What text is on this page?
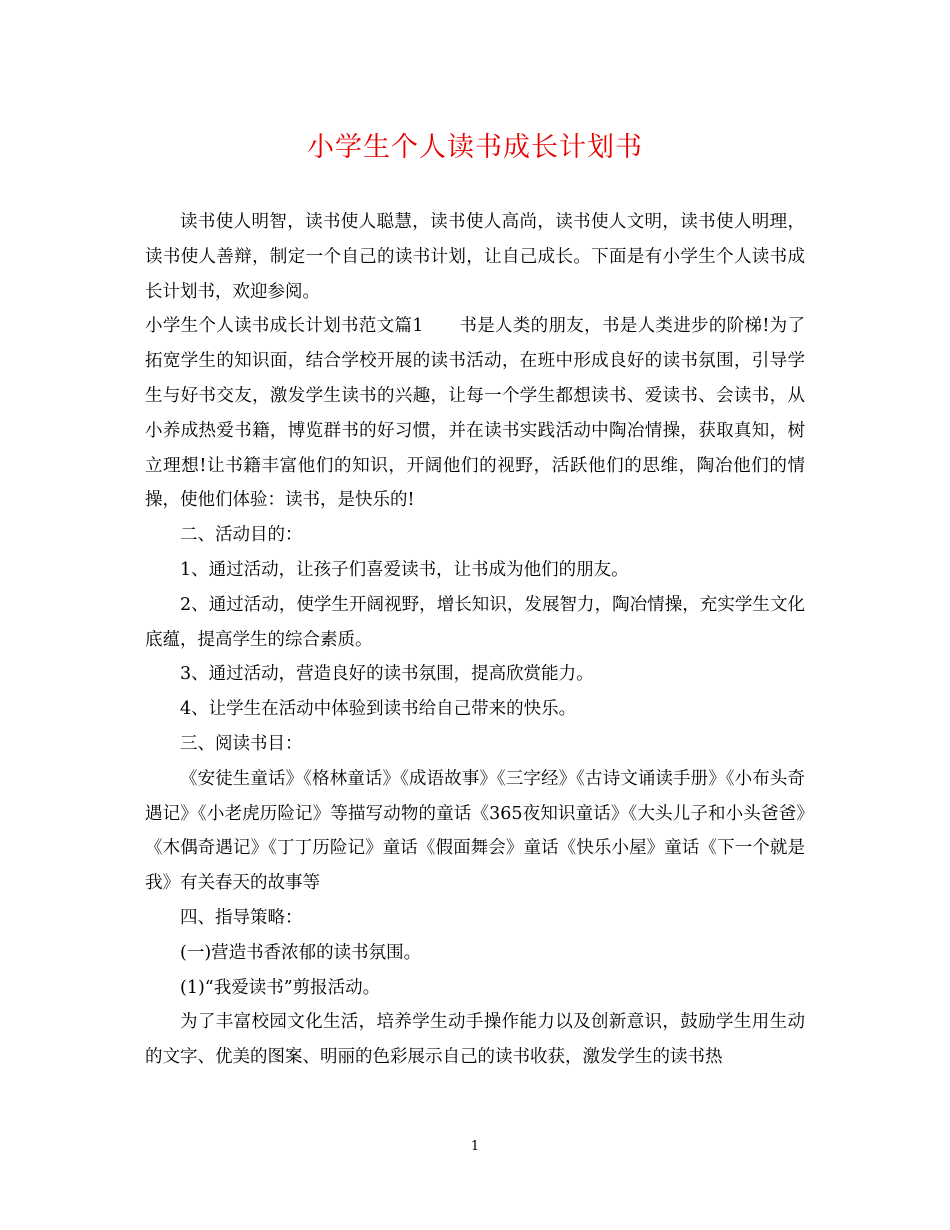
小学生个人读书成长计划书

读书使人明智，读书使人聪慧，读书使人高尚，读书使人文明，读书使人明理，读书使人善辩，制定一个自己的读书计划，让自己成长。下面是有小学生个人读书成长计划书，欢迎参阅。

小学生个人读书成长计划书范文篇1　　书是人类的朋友，书是人类进步的阶梯!为了拓宽学生的知识面，结合学校开展的读书活动，在班中形成良好的读书氛围，引导学生与好书交友，激发学生读书的兴趣，让每一个学生都想读书、爱读书、会读书，从小养成热爱书籍，博览群书的好习惯，并在读书实践活动中陶冶情操，获取真知，树立理想!让书籍丰富他们的知识，开阔他们的视野，活跃他们的思维，陶冶他们的情操，使他们体验：读书，是快乐的!

二、活动目的：

1、通过活动，让孩子们喜爱读书，让书成为他们的朋友。

2、通过活动，使学生开阔视野，增长知识，发展智力，陶冶情操，充实学生文化底蕴，提高学生的综合素质。

3、通过活动，营造良好的读书氛围，提高欣赏能力。

4、让学生在活动中体验到读书给自己带来的快乐。

三、阅读书目：

《安徒生童话》《格林童话》《成语故事》《三字经》《古诗文诵读手册》《小布头奇遇记》《小老虎历险记》等描写动物的童话《365夜知识童话》《大头儿子和小头爸爸》《木偶奇遇记》《丁丁历险记》童话《假面舞会》童话《快乐小屋》童话《下一个就是我》有关春天的故事等

四、指导策略：

(一)营造书香浓郁的读书氛围。

(1)“我爱读书”剪报活动。

为了丰富校园文化生活，培养学生动手操作能力以及创新意识，鼓励学生用生动的文字、优美的图案、明丽的色彩展示自己的读书收获，激发学生的读书热

1
